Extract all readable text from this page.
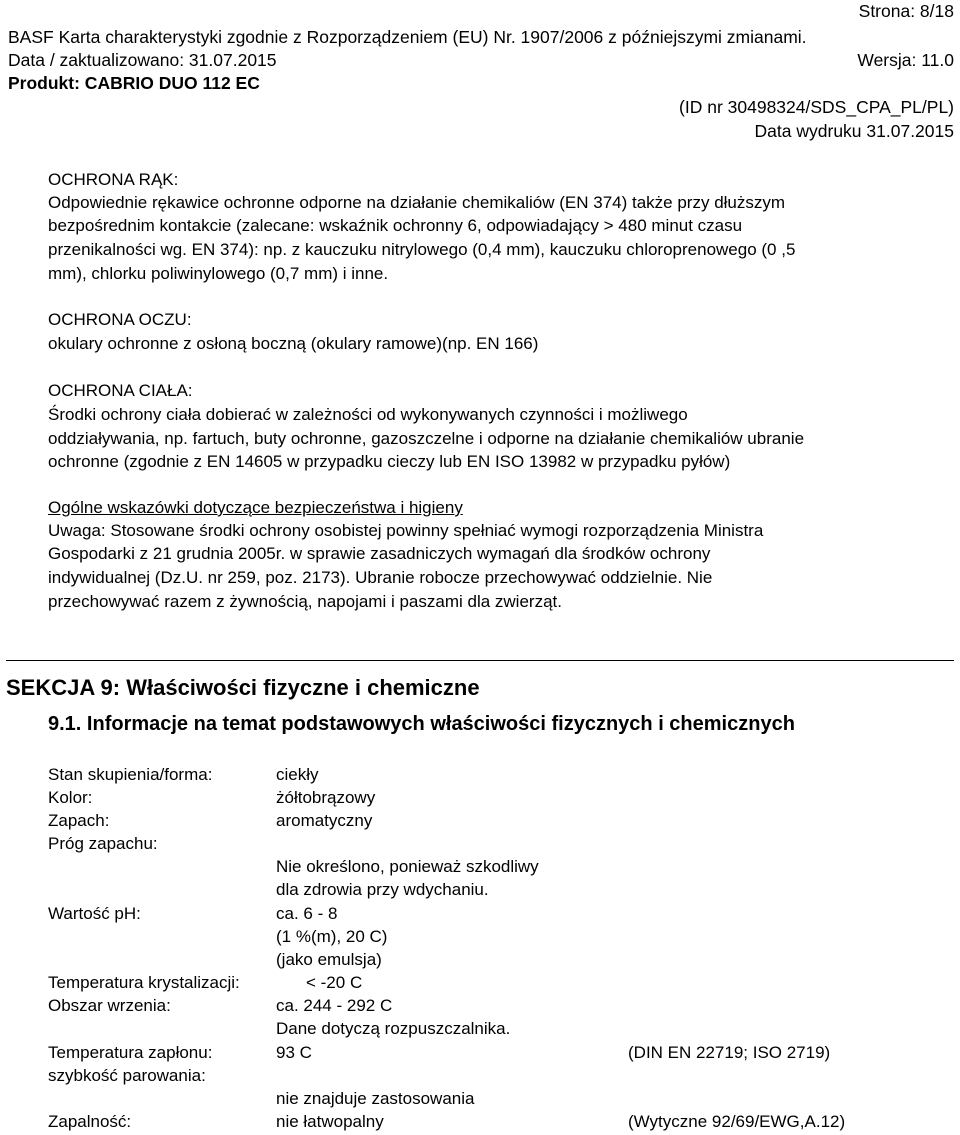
Strona: 8/18
BASF Karta charakterystyki zgodnie z Rozporządzeniem (EU) Nr. 1907/2006 z późniejszymi zmianami.
Data / zaktualizowano: 31.07.2015	Wersja: 11.0
Produkt: CABRIO DUO 112 EC
(ID nr 30498324/SDS_CPA_PL/PL)
Data wydruku 31.07.2015
OCHRONA RĄK:
Odpowiednie rękawice ochronne odporne na działanie chemikaliów (EN 374) także przy dłuższym
bezpośrednim kontakcie (zalecane: wskaźnik ochronny 6, odpowiadający > 480 minut czasu
przenikalności wg. EN 374): np. z kauczuku nitrylowego (0,4 mm), kauczuku chloroprenowego (0 ,5
mm), chlorku poliwinylowego (0,7 mm) i inne.
OCHRONA OCZU:
okulary ochronne z osłoną boczną (okulary ramowe)(np. EN 166)
OCHRONA CIAŁA:
Środki ochrony ciała dobierać w zależności od wykonywanych czynności i możliwego
oddziaływania, np. fartuch, buty ochronne, gazoszczelne i odporne na działanie chemikaliów ubranie
ochronne (zgodnie z EN 14605 w przypadku cieczy lub EN ISO 13982 w przypadku pyłów)
Ogólne wskazówki dotyczące bezpieczeństwa i higieny
Uwaga: Stosowane środki ochrony osobistej powinny spełniać wymogi rozporządzenia Ministra
Gospodarki z 21 grudnia 2005r. w sprawie zasadniczych wymagań dla środków ochrony
indywidualnej (Dz.U. nr 259, poz. 2173). Ubranie robocze przechowywać oddzielnie. Nie
przechowywać razem z żywnością, napojami i paszami dla zwierząt.
SEKCJA 9: Właściwości fizyczne i chemiczne
9.1. Informacje na temat podstawowych właściwości fizycznych i chemicznych
Stan skupienia/forma:	ciekły
Kolor:	żółtobrązowy
Zapach:	aromatyczny
Próg zapachu:
Nie określono, ponieważ szkodliwy
dla zdrowia przy wdychaniu.
Wartość pH:	ca. 6 - 8
(1 %(m), 20 C)
(jako emulsja)
Temperatura krystalizacji:	< -20 C
Obszar wrzenia:	ca. 244 - 292 C
Dane dotyczą rozpuszczalnika.
Temperatura zapłonu:	93 C	(DIN EN 22719; ISO 2719)
szybkość parowania:
nie znajduje zastosowania
Zapalność:	nie łatwopalny	(Wytyczne 92/69/EWG,A.12)
